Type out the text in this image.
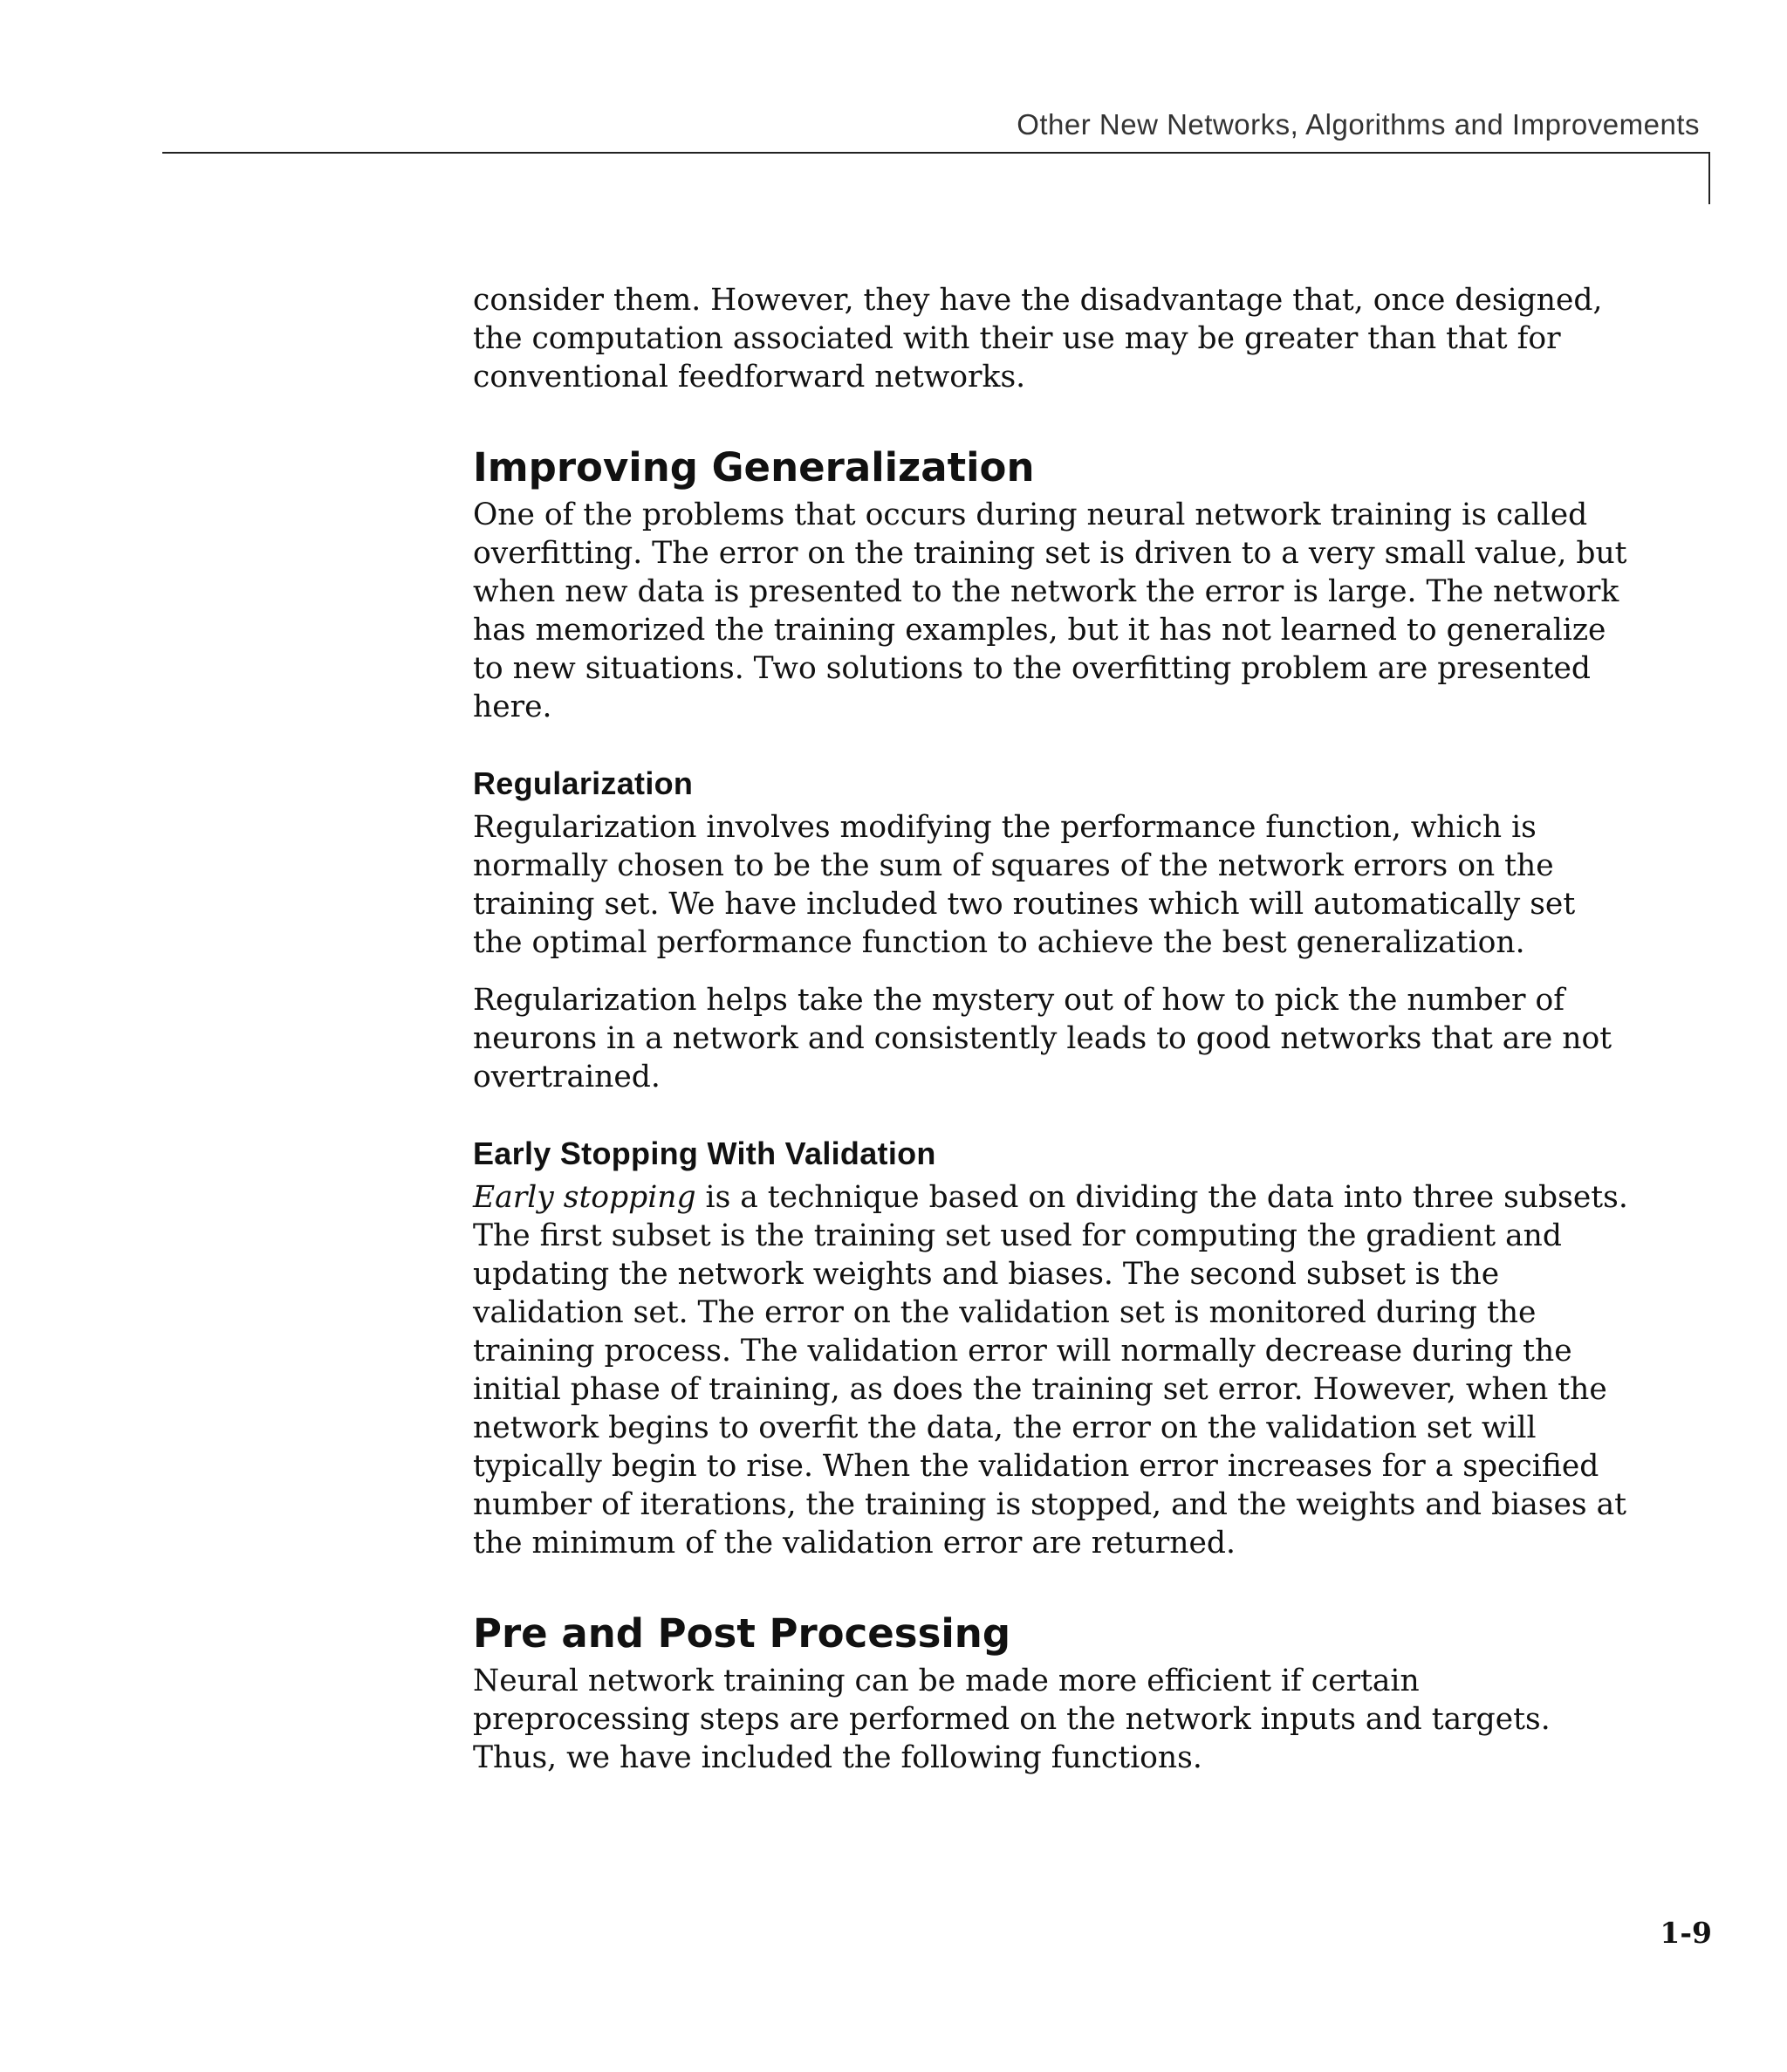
Other New Networks, Algorithms and Improvements

consider them. However, they have the disadvantage that, once designed, the computation associated with their use may be greater than that for conventional feedforward networks.

Improving Generalization

One of the problems that occurs during neural network training is called overfitting. The error on the training set is driven to a very small value, but when new data is presented to the network the error is large. The network has memorized the training examples, but it has not learned to generalize to new situations. Two solutions to the overfitting problem are presented here.

Regularization

Regularization involves modifying the performance function, which is normally chosen to be the sum of squares of the network errors on the training set. We have included two routines which will automatically set the optimal performance function to achieve the best generalization.

Regularization helps take the mystery out of how to pick the number of neurons in a network and consistently leads to good networks that are not overtrained.

Early Stopping With Validation

Early stopping is a technique based on dividing the data into three subsets. The first subset is the training set used for computing the gradient and updating the network weights and biases. The second subset is the validation set. The error on the validation set is monitored during the training process. The validation error will normally decrease during the initial phase of training, as does the training set error. However, when the network begins to overfit the data, the error on the validation set will typically begin to rise. When the validation error increases for a specified number of iterations, the training is stopped, and the weights and biases at the minimum of the validation error are returned.

Pre and Post Processing

Neural network training can be made more efficient if certain preprocessing steps are performed on the network inputs and targets. Thus, we have included the following functions.

1-9
